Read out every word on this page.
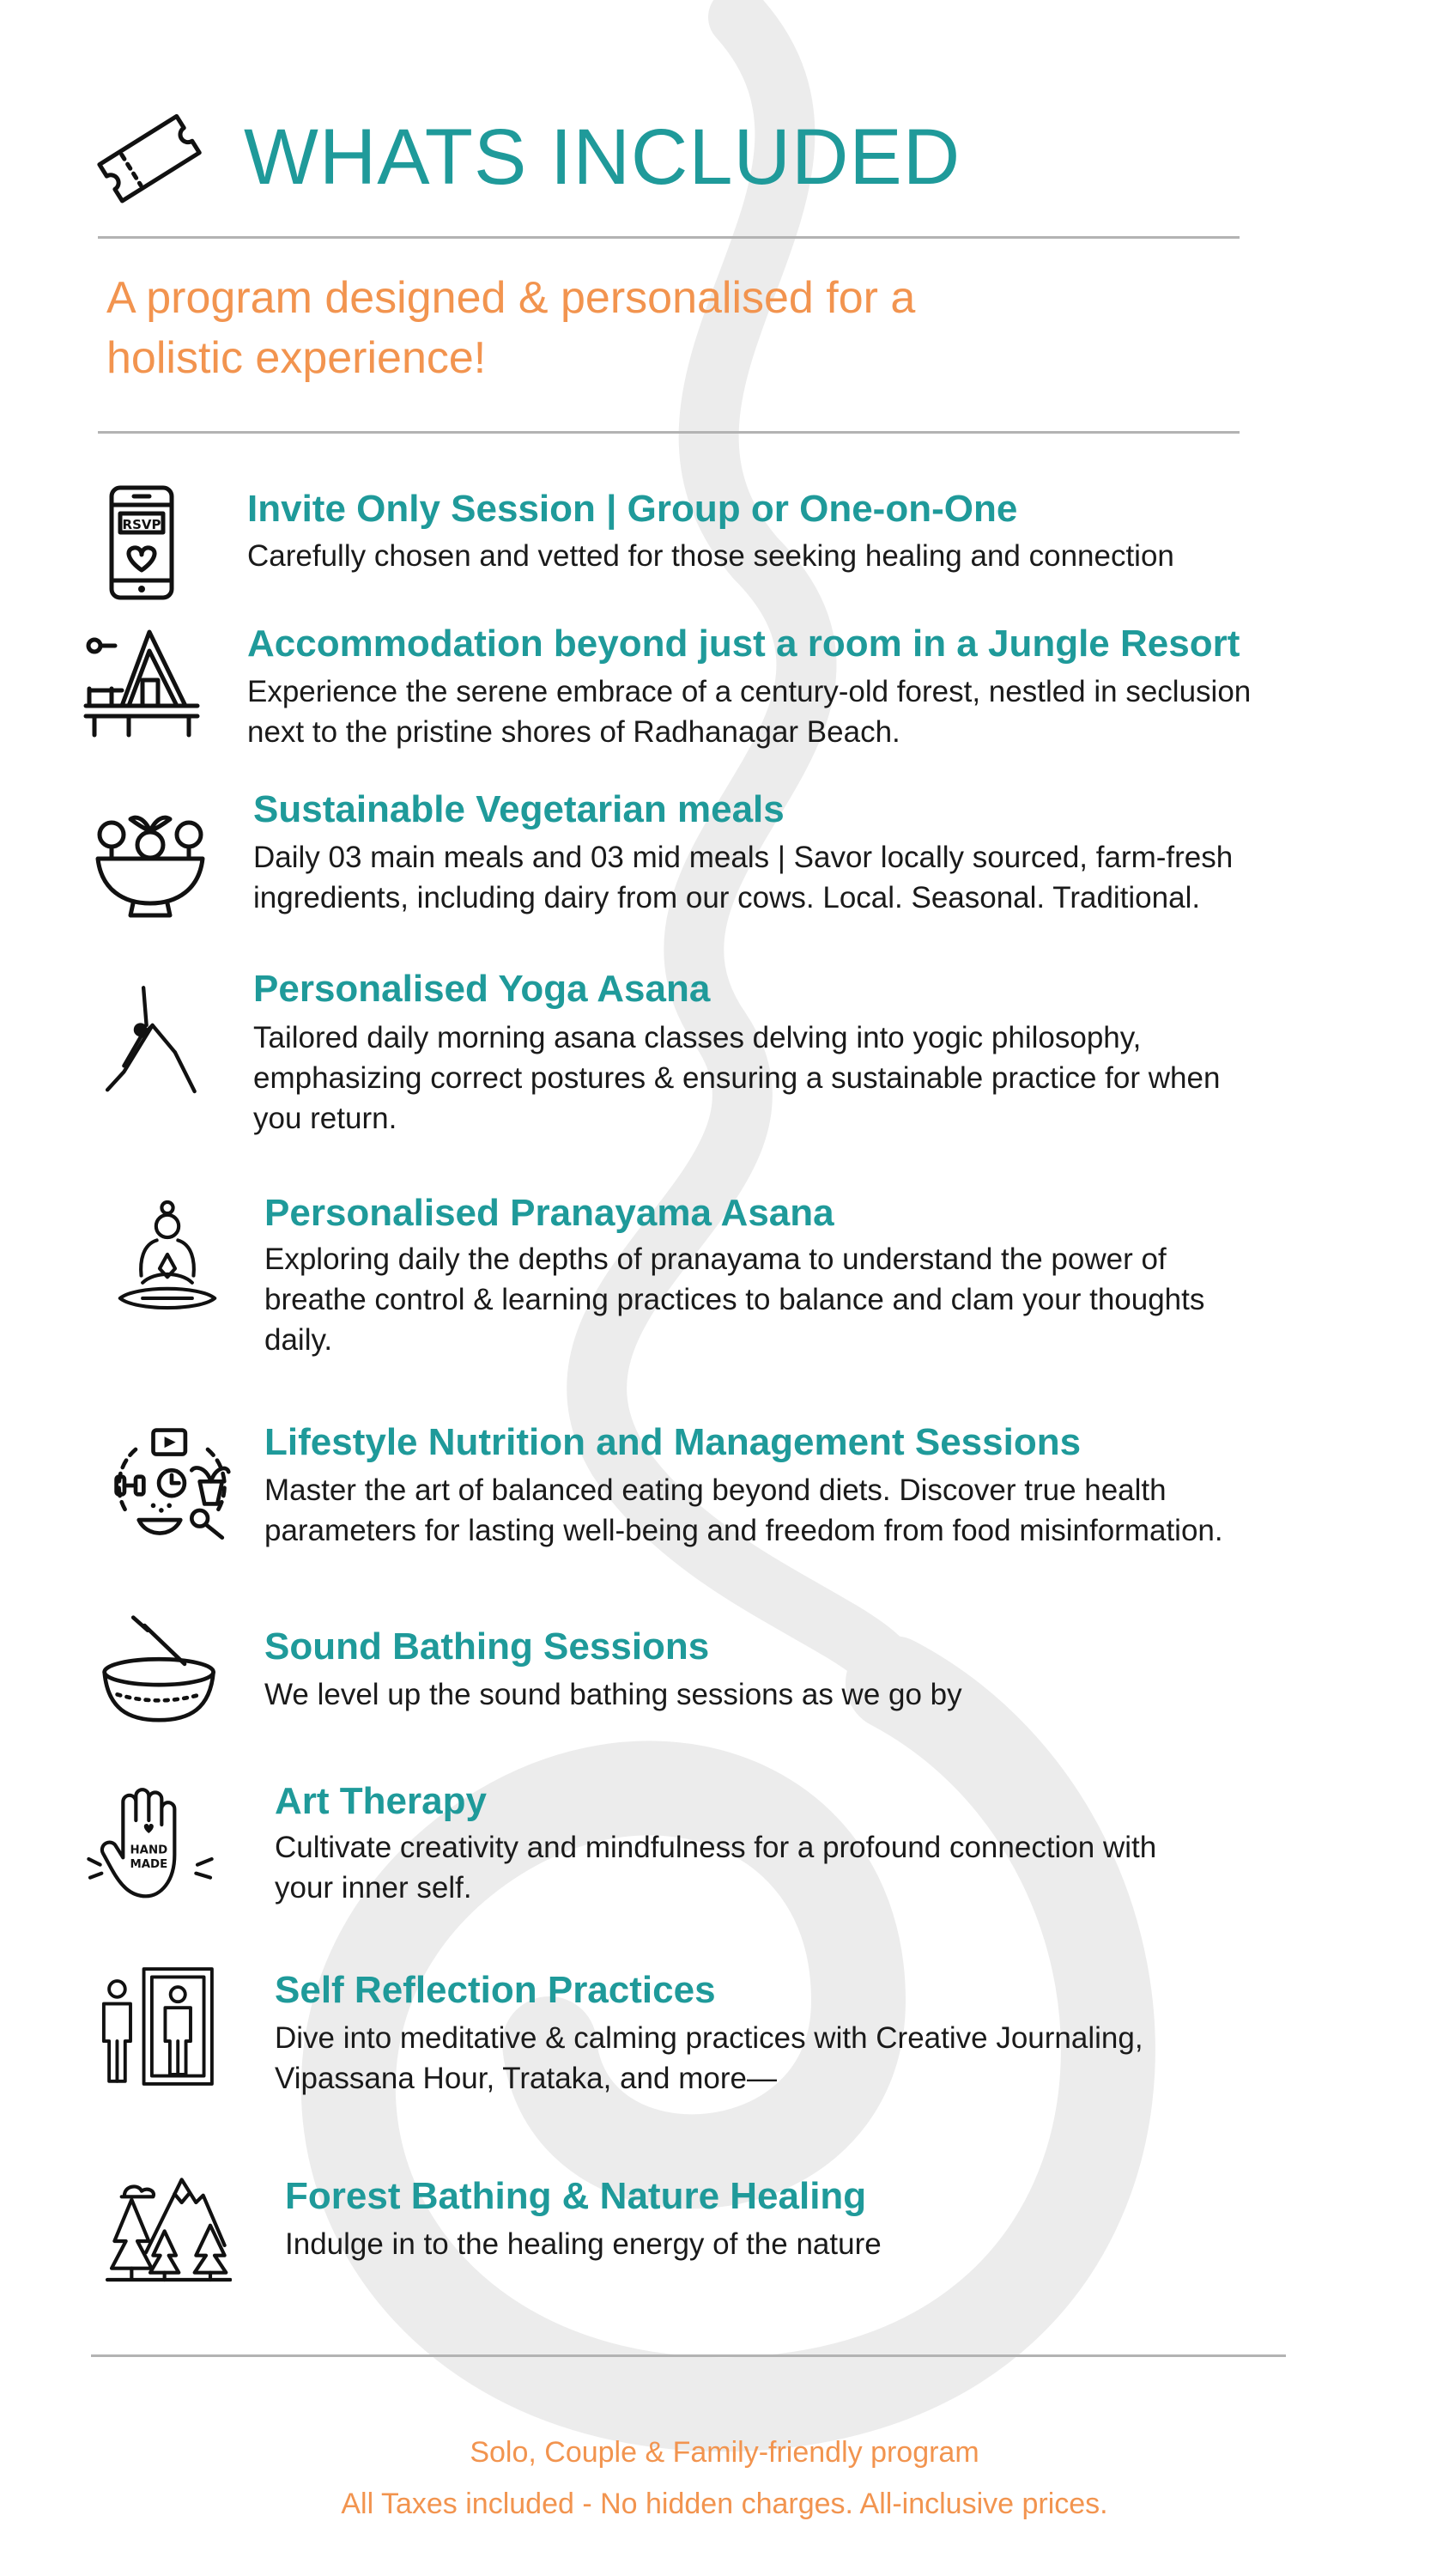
WHATS INCLUDED

A program designed & personalised for a
holistic experience!

RSVP Invite Only Session | Group or One-on-One

Carefully chosen and vetted for those seeking healing and connection

Accommodation beyond just a room in a Jungle Resort

Experience the serene embrace of a century-old forest, nestled in seclusion
next to the pristine shores of Radhanagar Beach.

Sustainable Vegetarian meals

Daily 03 main meals and 03 mid meals | Savor locally sourced, farm-fresh
ingredients, including dairy from our cows. Local. Seasonal. Traditional.

Personalised Yoga Asana

Tailored daily morning asana classes delving into yogic philosophy,
emphasizing correct postures & ensuring a sustainable practice for when
you return.

Personalised Pranayama Asana

Exploring daily the depths of pranayama to understand the power of
breathe control & learning practices to balance and clam your thoughts
daily.

Lifestyle Nutrition and Management Sessions

Master the art of balanced eating beyond diets. Discover true health
parameters for lasting well-being and freedom from food misinformation.

Sound Bathing Sessions

We level up the sound bathing sessions as we go by

HAND
MADE
Art Therapy

Cultivate creativity and mindfulness for a profound connection with
your inner self.

Self Reflection Practices

Dive into meditative & calming practices with Creative Journaling,
Vipassana Hour, Trataka, and more—

Forest Bathing & Nature Healing

Indulge in to the healing energy of the nature

Solo, Couple & Family-friendly program

All Taxes included - No hidden charges. All-inclusive prices.
